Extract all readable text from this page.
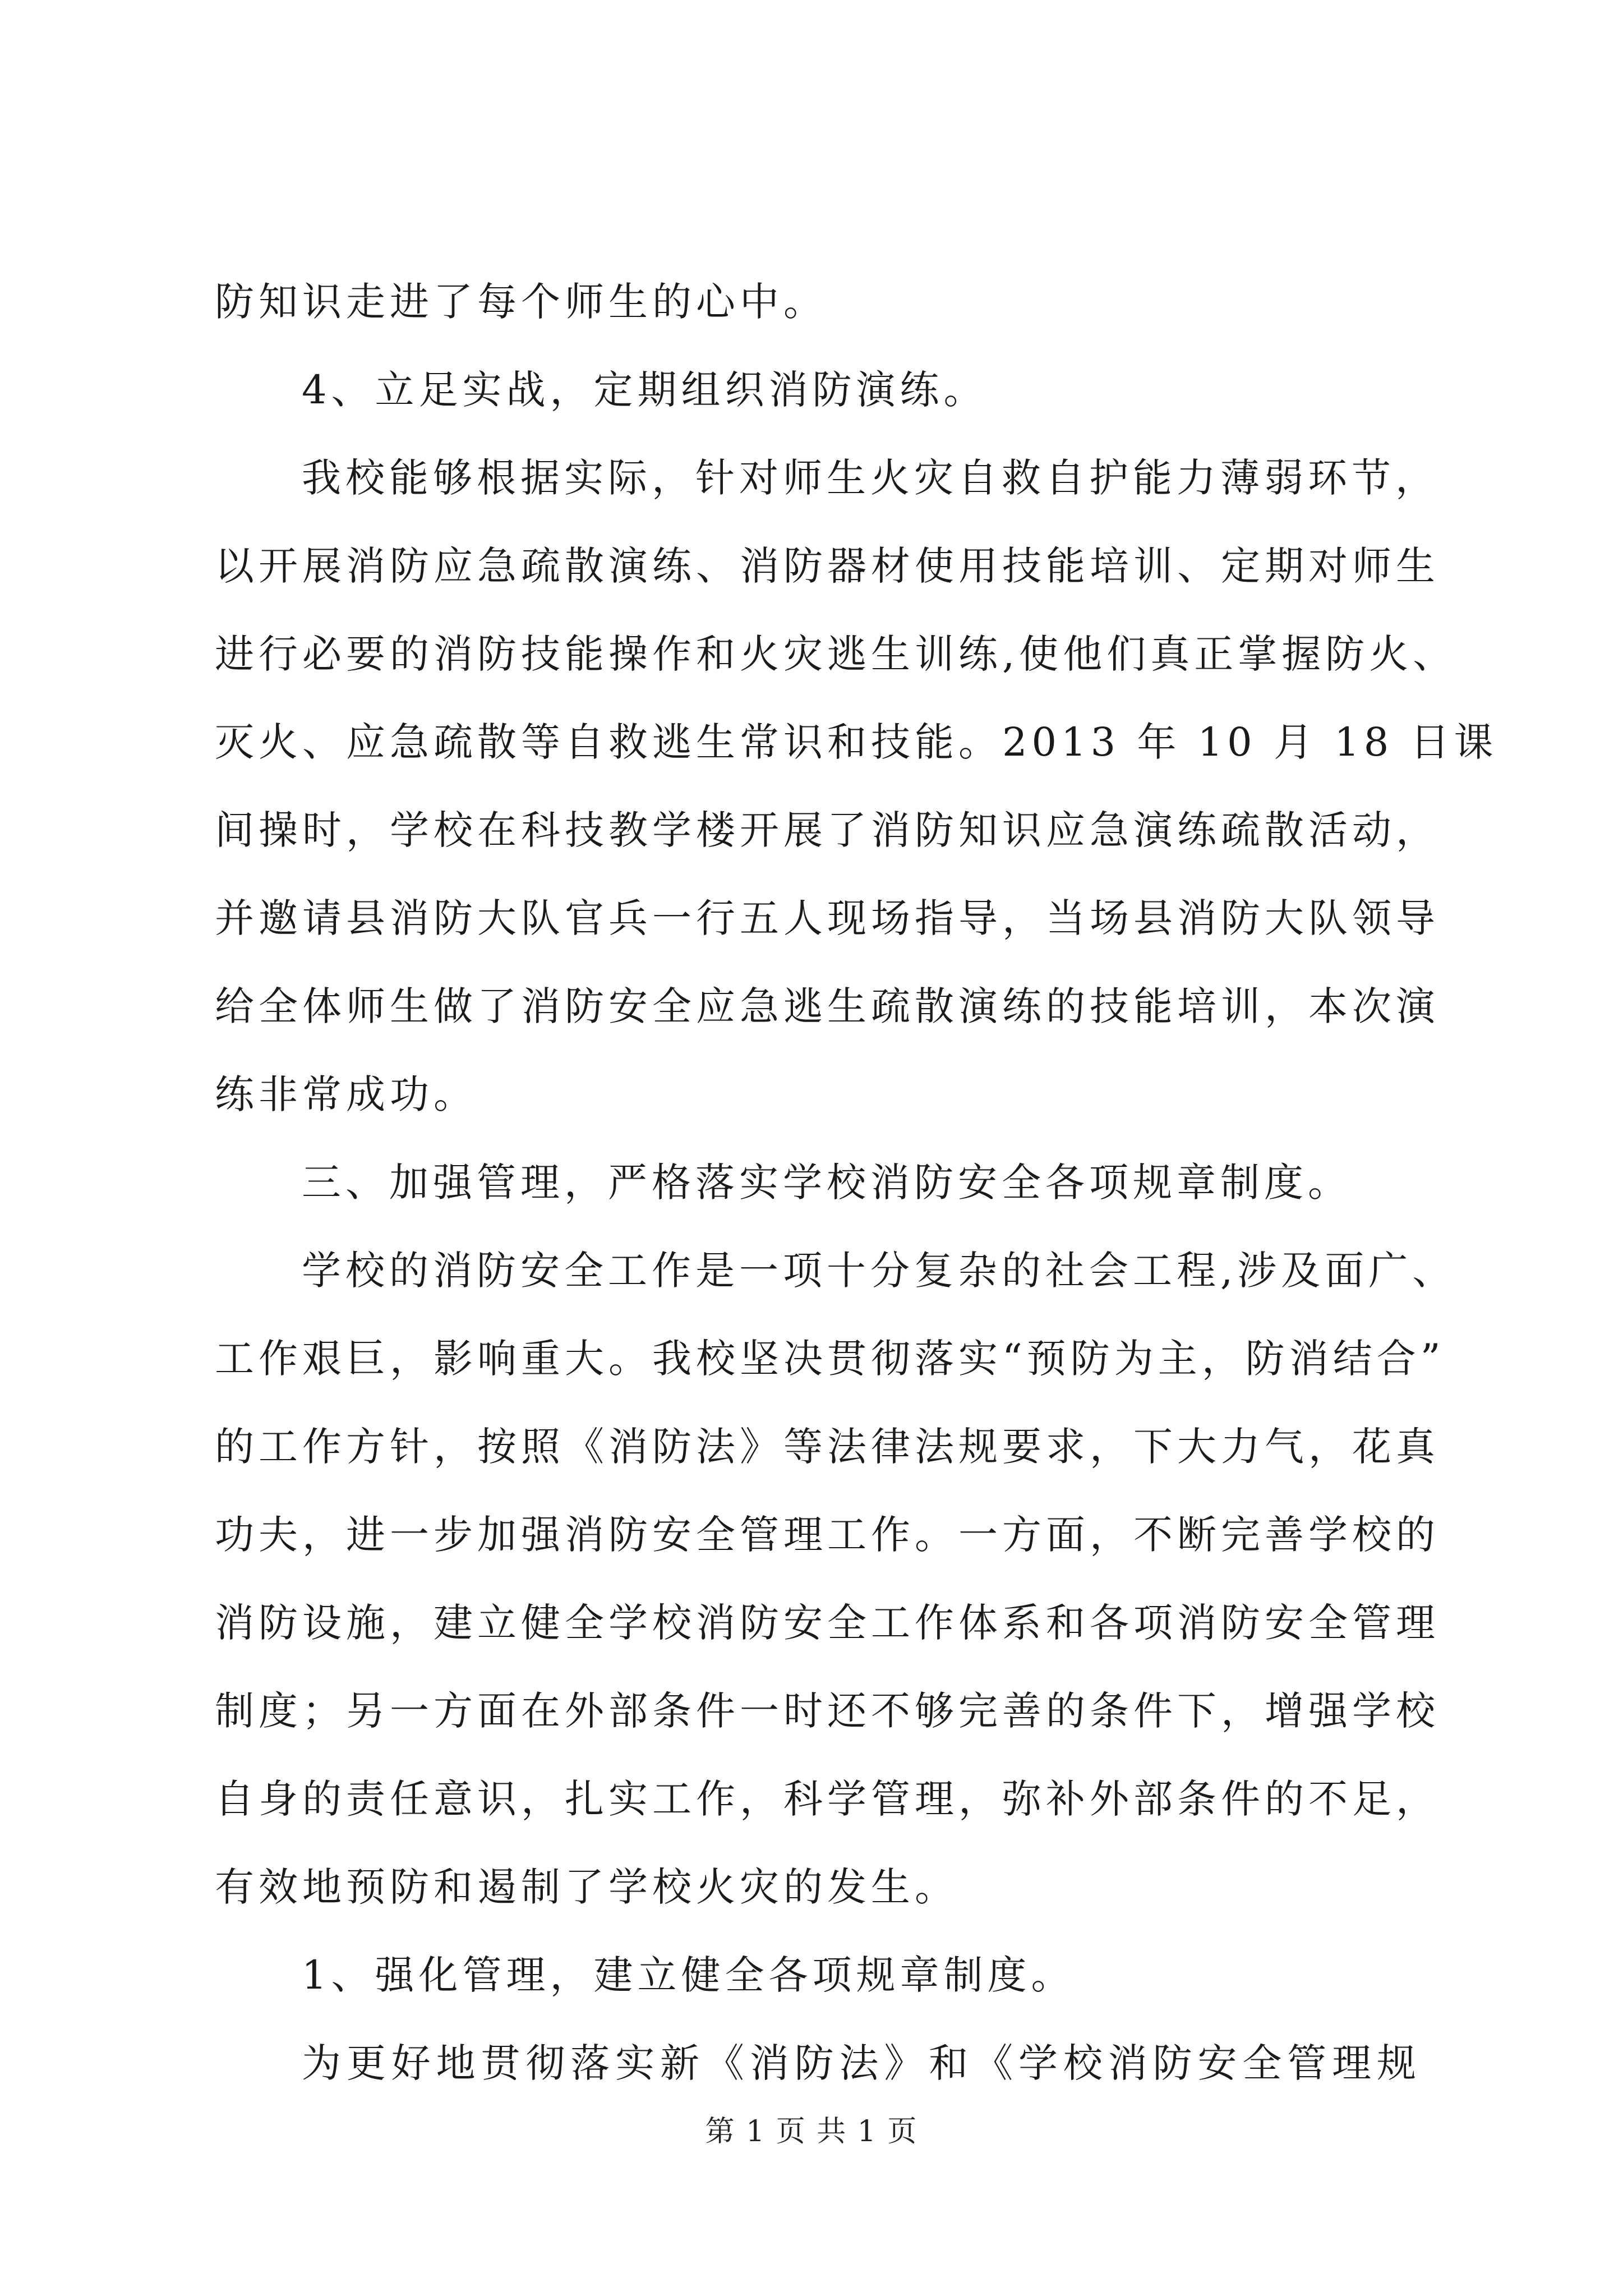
防知识走进了每个师生的心中。
4、立足实战，定期组织消防演练。
我校能够根据实际，针对师生火灾自救自护能力薄弱环节，
以开展消防应急疏散演练、消防器材使用技能培训、定期对师生
进行必要的消防技能操作和火灾逃生训练,使他们真正掌握防火、
灭火、应急疏散等自救逃生常识和技能。2013 年 10 月 18 日课
间操时，学校在科技教学楼开展了消防知识应急演练疏散活动，
并邀请县消防大队官兵一行五人现场指导，当场县消防大队领导
给全体师生做了消防安全应急逃生疏散演练的技能培训，本次演
练非常成功。
三、加强管理，严格落实学校消防安全各项规章制度。
学校的消防安全工作是一项十分复杂的社会工程,涉及面广、
工作艰巨，影响重大。我校坚决贯彻落实“预防为主，防消结合”
的工作方针，按照《消防法》等法律法规要求，下大力气，花真
功夫，进一步加强消防安全管理工作。一方面，不断完善学校的
消防设施，建立健全学校消防安全工作体系和各项消防安全管理
制度；另一方面在外部条件一时还不够完善的条件下，增强学校
自身的责任意识，扎实工作，科学管理，弥补外部条件的不足，
有效地预防和遏制了学校火灾的发生。
1、强化管理，建立健全各项规章制度。
为更好地贯彻落实新《消防法》和《学校消防安全管理规
第 1 页 共 1 页
